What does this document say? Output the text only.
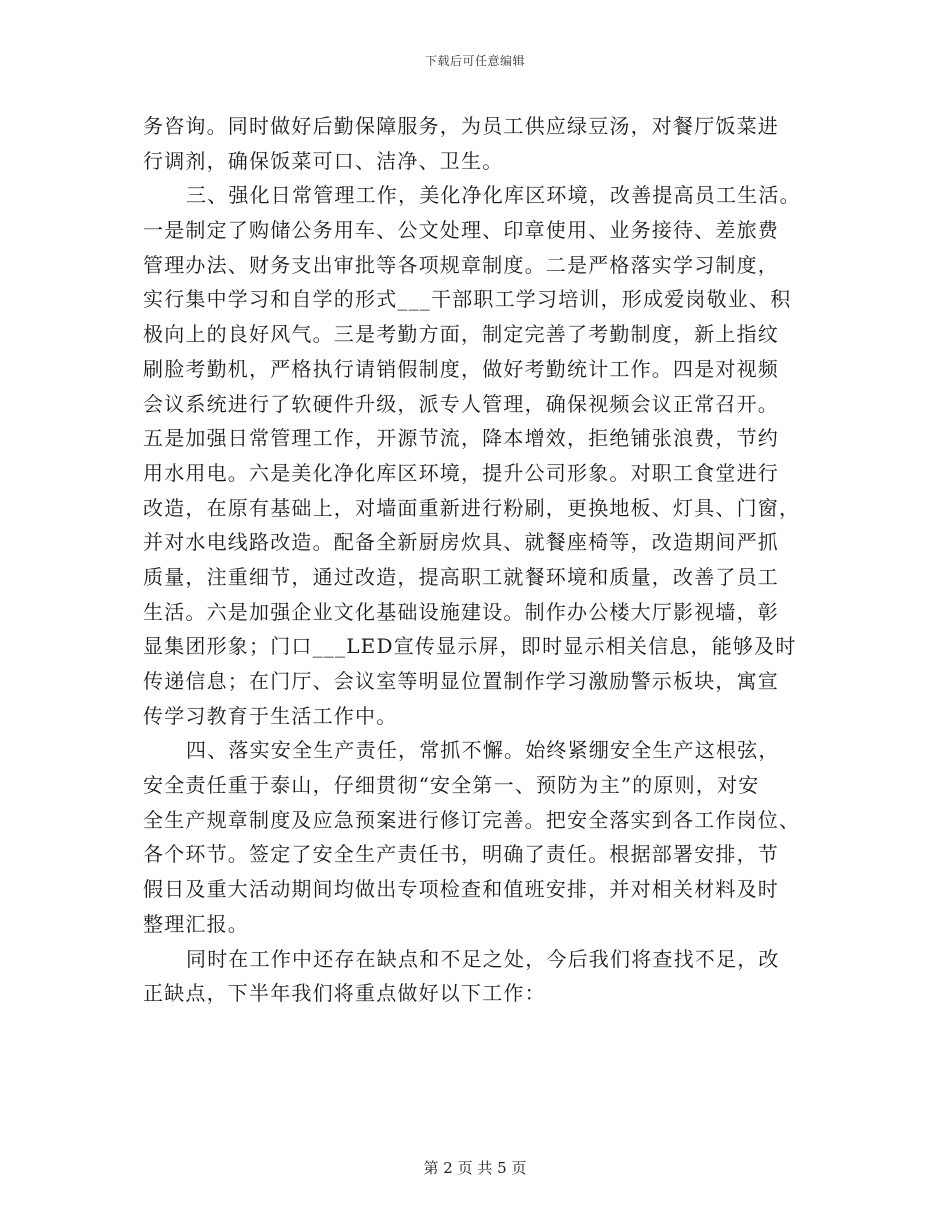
下载后可任意编辑
务咨询。同时做好后勤保障服务，为员工供应绿豆汤，对餐厅饭菜进
行调剂，确保饭菜可口、洁净、卫生。
三、强化日常管理工作，美化净化库区环境，改善提高员工生活。
一是制定了购储公务用车、公文处理、印章使用、业务接待、差旅费
管理办法、财务支出审批等各项规章制度。二是严格落实学习制度，
实行集中学习和自学的形式___干部职工学习培训，形成爱岗敬业、积
极向上的良好风气。三是考勤方面，制定完善了考勤制度，新上指纹
刷脸考勤机，严格执行请销假制度，做好考勤统计工作。四是对视频
会议系统进行了软硬件升级，派专人管理，确保视频会议正常召开。
五是加强日常管理工作，开源节流，降本增效，拒绝铺张浪费，节约
用水用电。六是美化净化库区环境，提升公司形象。对职工食堂进行
改造，在原有基础上，对墙面重新进行粉刷，更换地板、灯具、门窗，
并对水电线路改造。配备全新厨房炊具、就餐座椅等，改造期间严抓
质量，注重细节，通过改造，提高职工就餐环境和质量，改善了员工
生活。六是加强企业文化基础设施建设。制作办公楼大厅影视墙，彰
显集团形象；门口___LED宣传显示屏，即时显示相关信息，能够及时
传递信息；在门厅、会议室等明显位置制作学习激励警示板块，寓宣
传学习教育于生活工作中。
四、落实安全生产责任，常抓不懈。始终紧绷安全生产这根弦，
安全责任重于泰山，仔细贯彻“安全第一、预防为主”的原则，对安
全生产规章制度及应急预案进行修订完善。把安全落实到各工作岗位、
各个环节。签定了安全生产责任书，明确了责任。根据部署安排，节
假日及重大活动期间均做出专项检查和值班安排，并对相关材料及时
整理汇报。
同时在工作中还存在缺点和不足之处，今后我们将查找不足，改
正缺点，下半年我们将重点做好以下工作：
第 2 页 共 5 页
